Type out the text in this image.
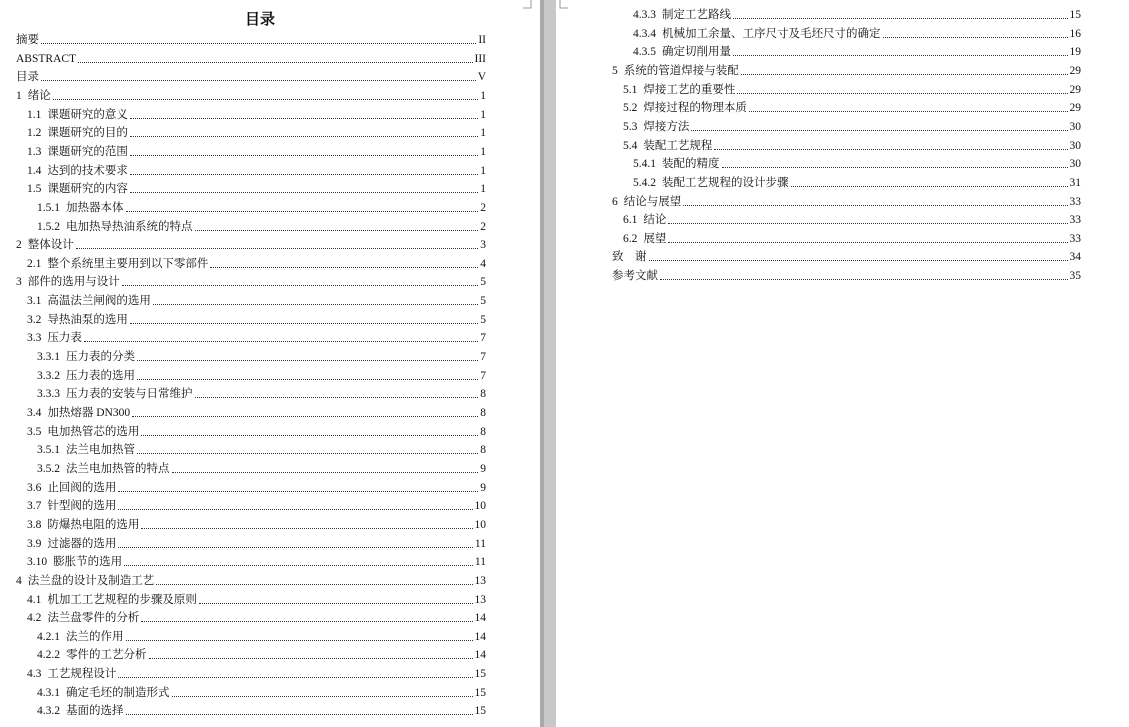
目录
摘要	II
ABSTRACT	III
目录	V
1 绪论	1
1.1 课题研究的意义	1
1.2 课题研究的目的	1
1.3 课题研究的范围	1
1.4 达到的技术要求	1
1.5 课题研究的内容	1
1.5.1 加热器本体	2
1.5.2 电加热导热油系统的特点	2
2 整体设计	3
2.1 整个系统里主要用到以下零部件	4
3 部件的选用与设计	5
3.1 高温法兰闸阀的选用	5
3.2 导热油泵的选用	5
3.3 压力表	7
3.3.1 压力表的分类	7
3.3.2 压力表的选用	7
3.3.3 压力表的安装与日常维护	8
3.4 加热熔器 DN300	8
3.5 电加热管芯的选用	8
3.5.1 法兰电加热管	8
3.5.2 法兰电加热管的特点	9
3.6 止回阀的选用	9
3.7 针型阀的选用	10
3.8 防爆热电阻的选用	10
3.9 过滤器的选用	11
3.10 膨胀节的选用	11
4 法兰盘的设计及制造工艺	13
4.1 机加工工艺规程的步骤及原则	13
4.2 法兰盘零件的分析	14
4.2.1 法兰的作用	14
4.2.2 零件的工艺分析	14
4.3 工艺规程设计	15
4.3.1 确定毛坯的制造形式	15
4.3.2 基面的选择	15
4.3.3 制定工艺路线	15
4.3.4 机械加工余量、工序尺寸及毛坯尺寸的确定	16
4.3.5 确定切削用量	19
5 系统的管道焊接与装配	29
5.1 焊接工艺的重要性	29
5.2 焊接过程的物理本质	29
5.3 焊接方法	30
5.4 装配工艺规程	30
5.4.1 装配的精度	30
5.4.2 装配工艺规程的设计步骤	31
6 结论与展望	33
6.1 结论	33
6.2 展望	33
致　谢	34
参考文献	35
